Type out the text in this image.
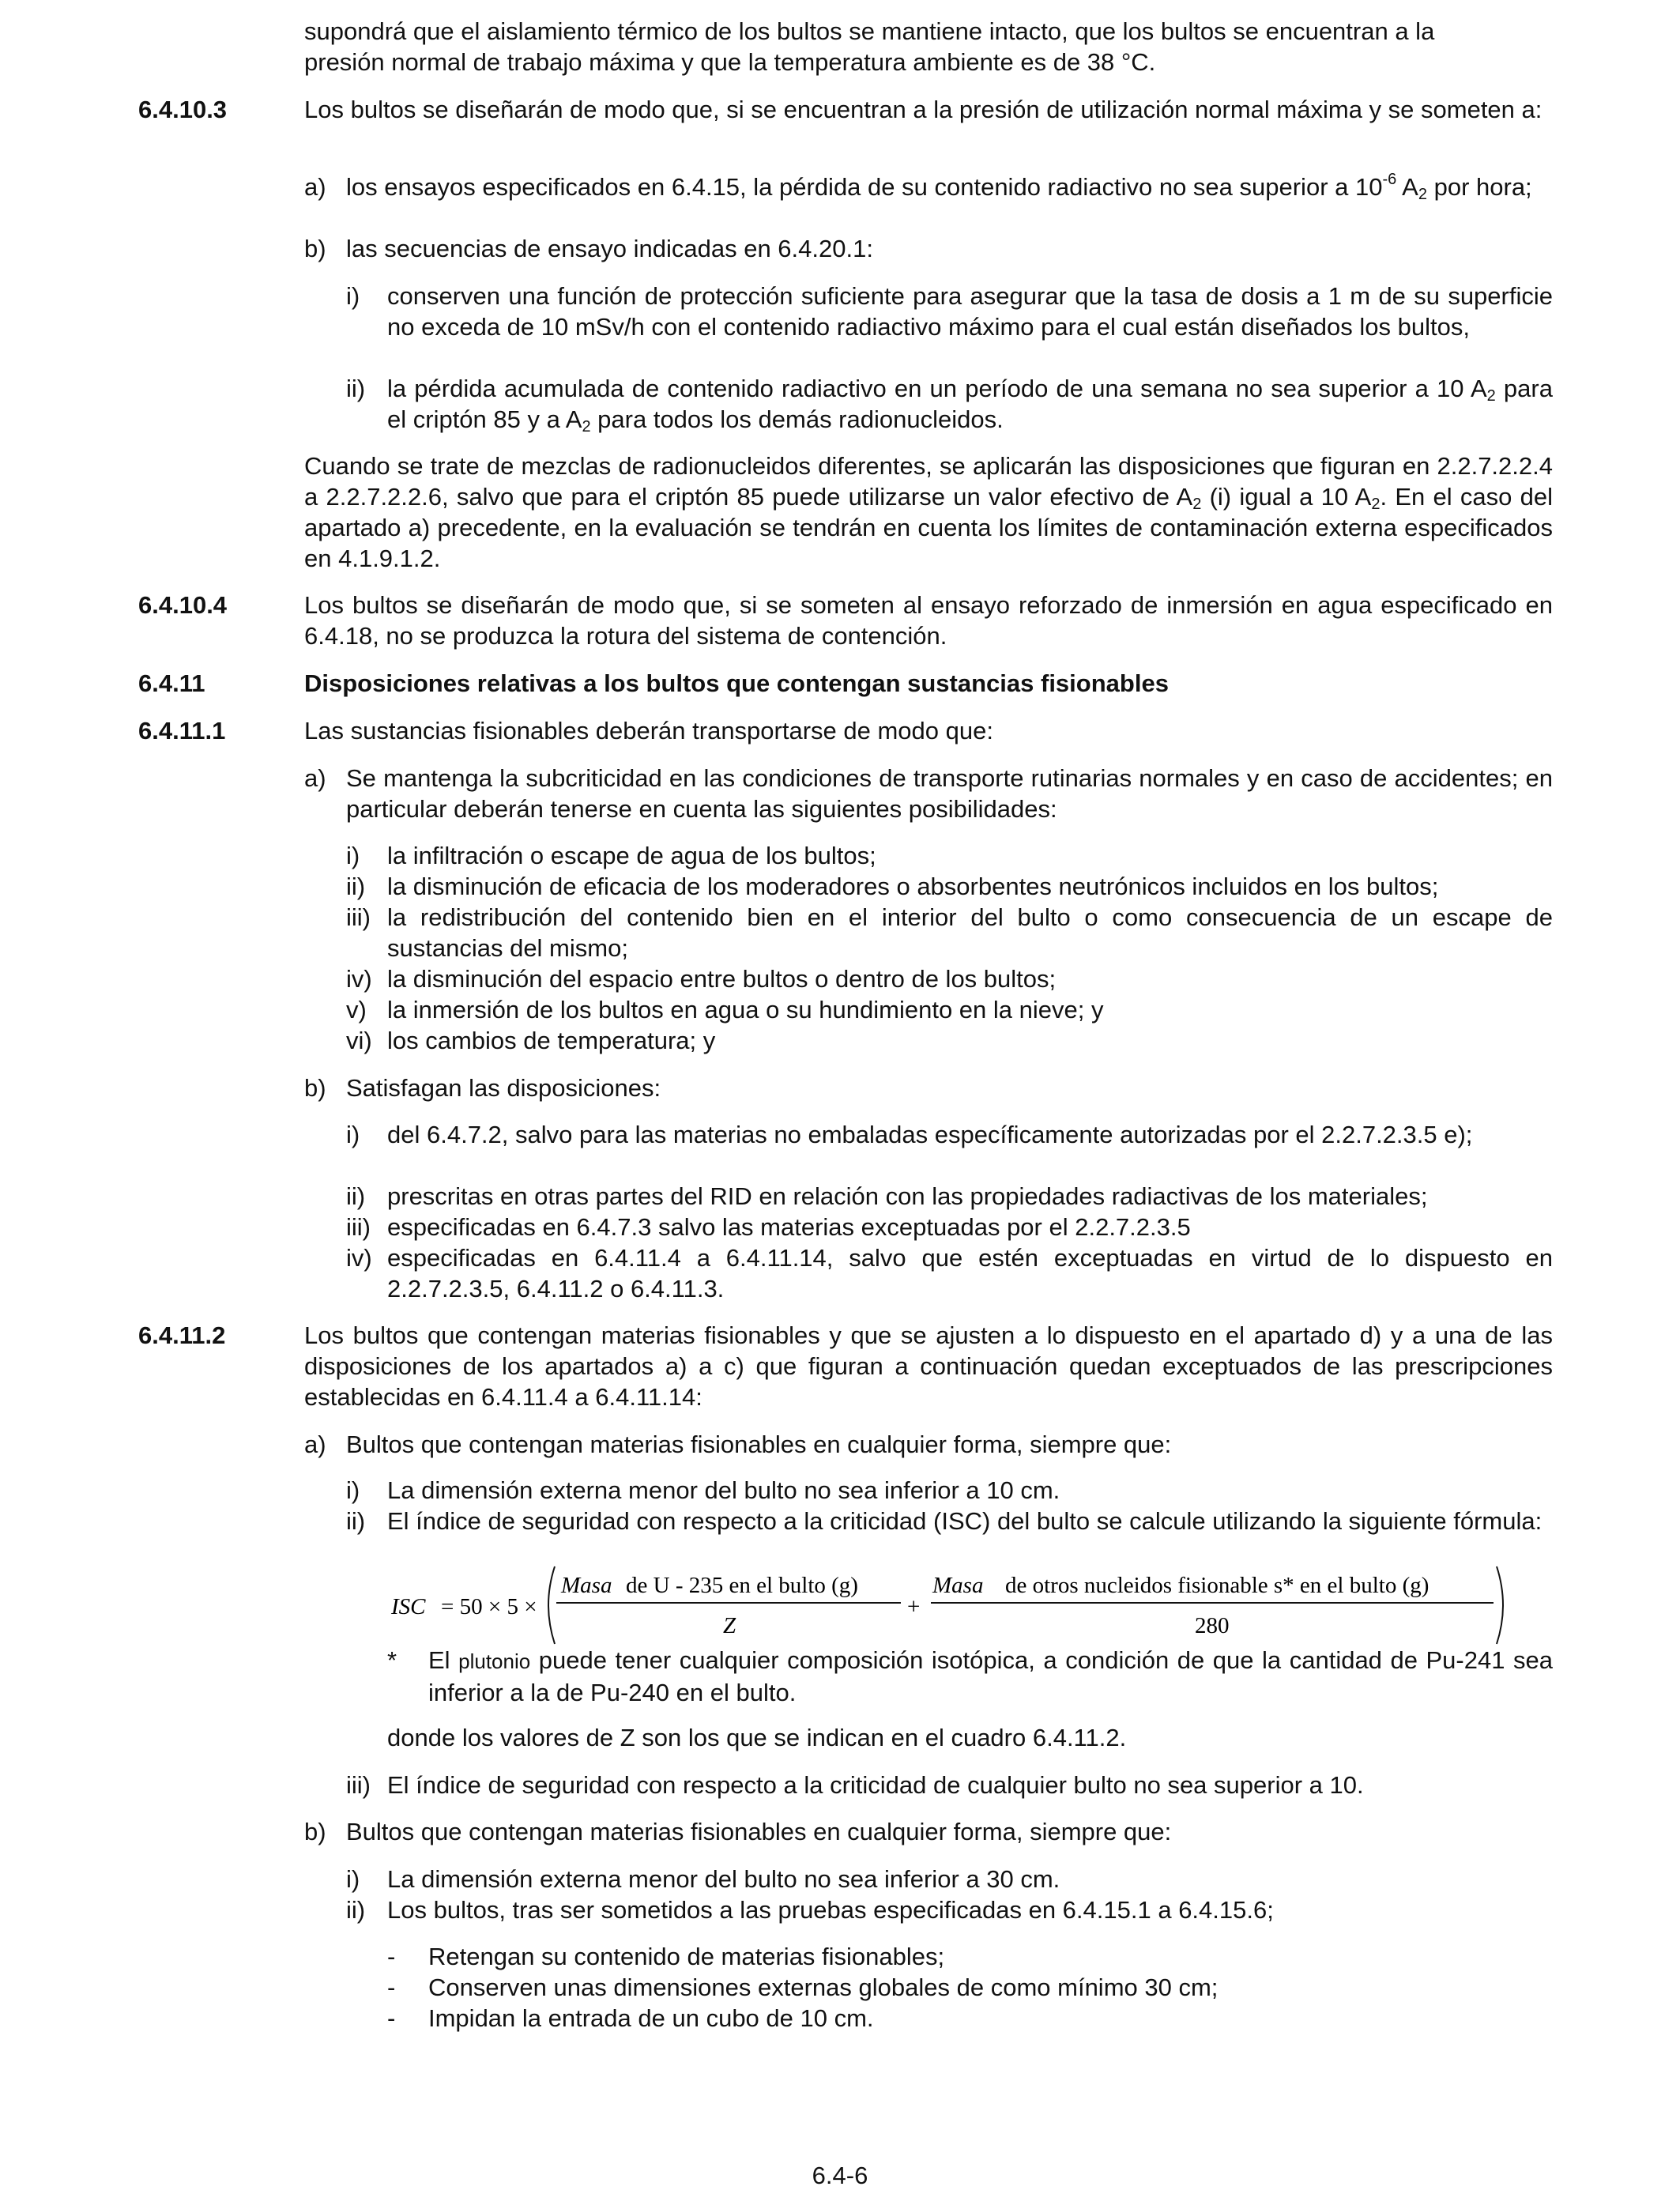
supondrá que el aislamiento térmico de los bultos se mantiene intacto, que los bultos se encuentran a la

presión normal de trabajo máxima y que la temperatura ambiente es de 38 °C.

6.4.10.3	Los bultos se diseñarán de modo que, si se encuentran a la presión de utilización normal máxima y se someten a:

a) los ensayos especificados en 6.4.15, la pérdida de su contenido radiactivo no sea superior a $10^{-6}$ $A_2$ por hora;

b) las secuencias de ensayo indicadas en 6.4.20.1:

i) conserven una función de protección suficiente para asegurar que la tasa de dosis a 1 m de su superficie no exceda de 10 mSv/h con el contenido radiactivo máximo para el cual están diseñados los bultos,

ii) la pérdida acumulada de contenido radiactivo en un período de una semana no sea superior a 10 $A_2$ para el criptón 85 y a $A_2$ para todos los demás radionucleidos.

Cuando se trate de mezclas de radionucleidos diferentes, se aplicarán las disposiciones que figuran en 2.2.7.2.2.4 a 2.2.7.2.2.6, salvo que para el criptón 85 puede utilizarse un valor efectivo de $A_2$ (i) igual a 10 $A_2$. En el caso del apartado a) precedente, en la evaluación se tendrán en cuenta los límites de contaminación externa especificados en 4.1.9.1.2.

6.4.10.4	Los bultos se diseñarán de modo que, si se someten al ensayo reforzado de inmersión en agua especificado en 6.4.18, no se produzca la rotura del sistema de contención.

6.4.11	Disposiciones relativas a los bultos que contengan sustancias fisionables

6.4.11.1	Las sustancias fisionables deberán transportarse de modo que:

a) Se mantenga la subcriticidad en las condiciones de transporte rutinarias normales y en caso de accidentes; en particular deberán tenerse en cuenta las siguientes posibilidades:

i) la infiltración o escape de agua de los bultos;

ii) la disminución de eficacia de los moderadores o absorbentes neutrónicos incluidos en los bultos;

iii) la redistribución del contenido bien en el interior del bulto o como consecuencia de un escape de sustancias del mismo;

iv) la disminución del espacio entre bultos o dentro de los bultos;

v) la inmersión de los bultos en agua o su hundimiento en la nieve; y

vi) los cambios de temperatura; y

b) Satisfagan las disposiciones:

i) del 6.4.7.2, salvo para las materias no embaladas específicamente autorizadas por el 2.2.7.2.3.5 e);

ii) prescritas en otras partes del RID en relación con las propiedades radiactivas de los materiales;

iii) especificadas en 6.4.7.3 salvo las materias exceptuadas por el 2.2.7.2.3.5

iv) especificadas en 6.4.11.4 a 6.4.11.14, salvo que estén exceptuadas en virtud de lo dispuesto en 2.2.7.2.3.5, 6.4.11.2 o 6.4.11.3.

6.4.11.2	Los bultos que contengan materias fisionables y que se ajusten a lo dispuesto en el apartado d) y a una de las disposiciones de los apartados a) a c) que figuran a continuación quedan exceptuados de las prescripciones establecidas en 6.4.11.4 a 6.4.11.14:

a) Bultos que contengan materias fisionables en cualquier forma, siempre que:

i) La dimensión externa menor del bulto no sea inferior a 10 cm.

ii) El índice de seguridad con respecto a la criticidad (ISC) del bulto se calcule utilizando la siguiente fórmula:

ISC = 50 × 5 ×
Masa de U - 235 en el bulto (g)
Z
+
Masa de otros nucleidos fisionable s* en el bulto (g)
280

* El plutonio puede tener cualquier composición isotópica, a condición de que la cantidad de Pu-241 sea inferior a la de Pu-240 en el bulto.

donde los valores de Z son los que se indican en el cuadro 6.4.11.2.

iii) El índice de seguridad con respecto a la criticidad de cualquier bulto no sea superior a 10.

b) Bultos que contengan materias fisionables en cualquier forma, siempre que:

i) La dimensión externa menor del bulto no sea inferior a 30 cm.

ii) Los bultos, tras ser sometidos a las pruebas especificadas en 6.4.15.1 a 6.4.15.6;

- Retengan su contenido de materias fisionables;

- Conserven unas dimensiones externas globales de como mínimo 30 cm;

- Impidan la entrada de un cubo de 10 cm.

6.4-6
